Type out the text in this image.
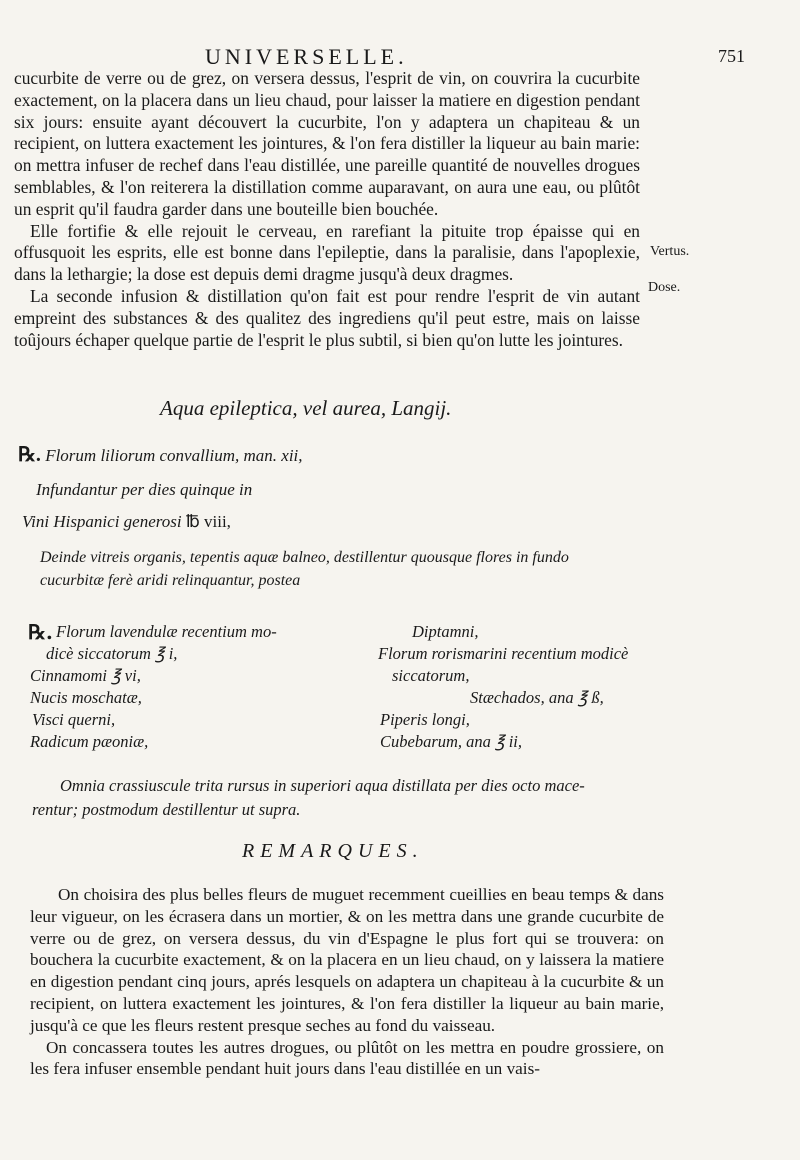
UNIVERSELLE.	751

cucurbite de verre ou de grez, on versera dessus, l'esprit de vin, on couvrira la cucurbite exactement, on la placera dans un lieu chaud, pour laisser la matiere en digestion pendant six jours: ensuite ayant découvert la cucurbite, l'on y adaptera un chapiteau & un recipient, on luttera exactement les jointures, & l'on fera distiller la liqueur au bain marie: on mettra infuser de rechef dans l'eau distillée, une pareille quantité de nouvelles drogues semblables, & l'on reiterera la distillation comme auparavant, on aura une eau, ou plûtôt un esprit qu'il faudra garder dans une bouteille bien bouchée.

Elle fortifie & elle rejouit le cerveau, en rarefiant la pituite trop épaisse qui en offusquoit les esprits, elle est bonne dans l'epileptie, dans la paralisie, dans l'apoplexie, dans la lethargie; la dose est depuis demi dragme jusqu'à deux dragmes.

La seconde infusion & distillation qu'on fait est pour rendre l'esprit de vin autant empreint des substances & des qualitez des ingrediens qu'il peut estre, mais on laisse toûjours échaper quelque partie de l'esprit le plus subtil, si bien qu'on lutte les jointures.

Vertus.
Dose.
Aqua epileptica, vel aurea, Langij.
℞. Florum liliorum convallium, man. xii,
Infundantur per dies quinque in
Vini Hispanici generosi ℔ viii,
Deinde vitreis organis, tepentis aquæ balneo, destillentur quousque flores in fundo
cucurbitæ ferè aridi relinquantur, postea
℞. Florum lavendulæ recentium mo-
dicè siccatorum ℥ i,
Cinnamomi ℥ vi,
Nucis moschatæ,
Visci querni,
Radicum pæoniæ,
Diptamni,
Florum rorismarini recentium modicè
siccatorum,
Stæchados, ana ℥ ß,
Piperis longi,
Cubebarum, ana ℥ ii,
Omnia crassiuscule trita rursus in superiori aqua distillata per dies octo mace-
rentur; postmodum destillentur ut supra.
REMARQUES.

On choisira des plus belles fleurs de muguet recemment cueillies en beau temps & dans leur vigueur, on les écrasera dans un mortier, & on les mettra dans une grande cucurbite de verre ou de grez, on versera dessus, du vin d'Espagne le plus fort qui se trouvera: on bouchera la cucurbite exactement, & on la placera en un lieu chaud, on y laissera la matiere en digestion pendant cinq jours, aprés lesquels on adaptera un chapiteau à la cucurbite & un recipient, on luttera exactement les jointures, & l'on fera distiller la liqueur au bain marie, jusqu'à ce que les fleurs restent presque seches au fond du vaisseau.

On concassera toutes les autres drogues, ou plûtôt on les mettra en poudre grossiere, on les fera infuser ensemble pendant huit jours dans l'eau distillée en un vais-
